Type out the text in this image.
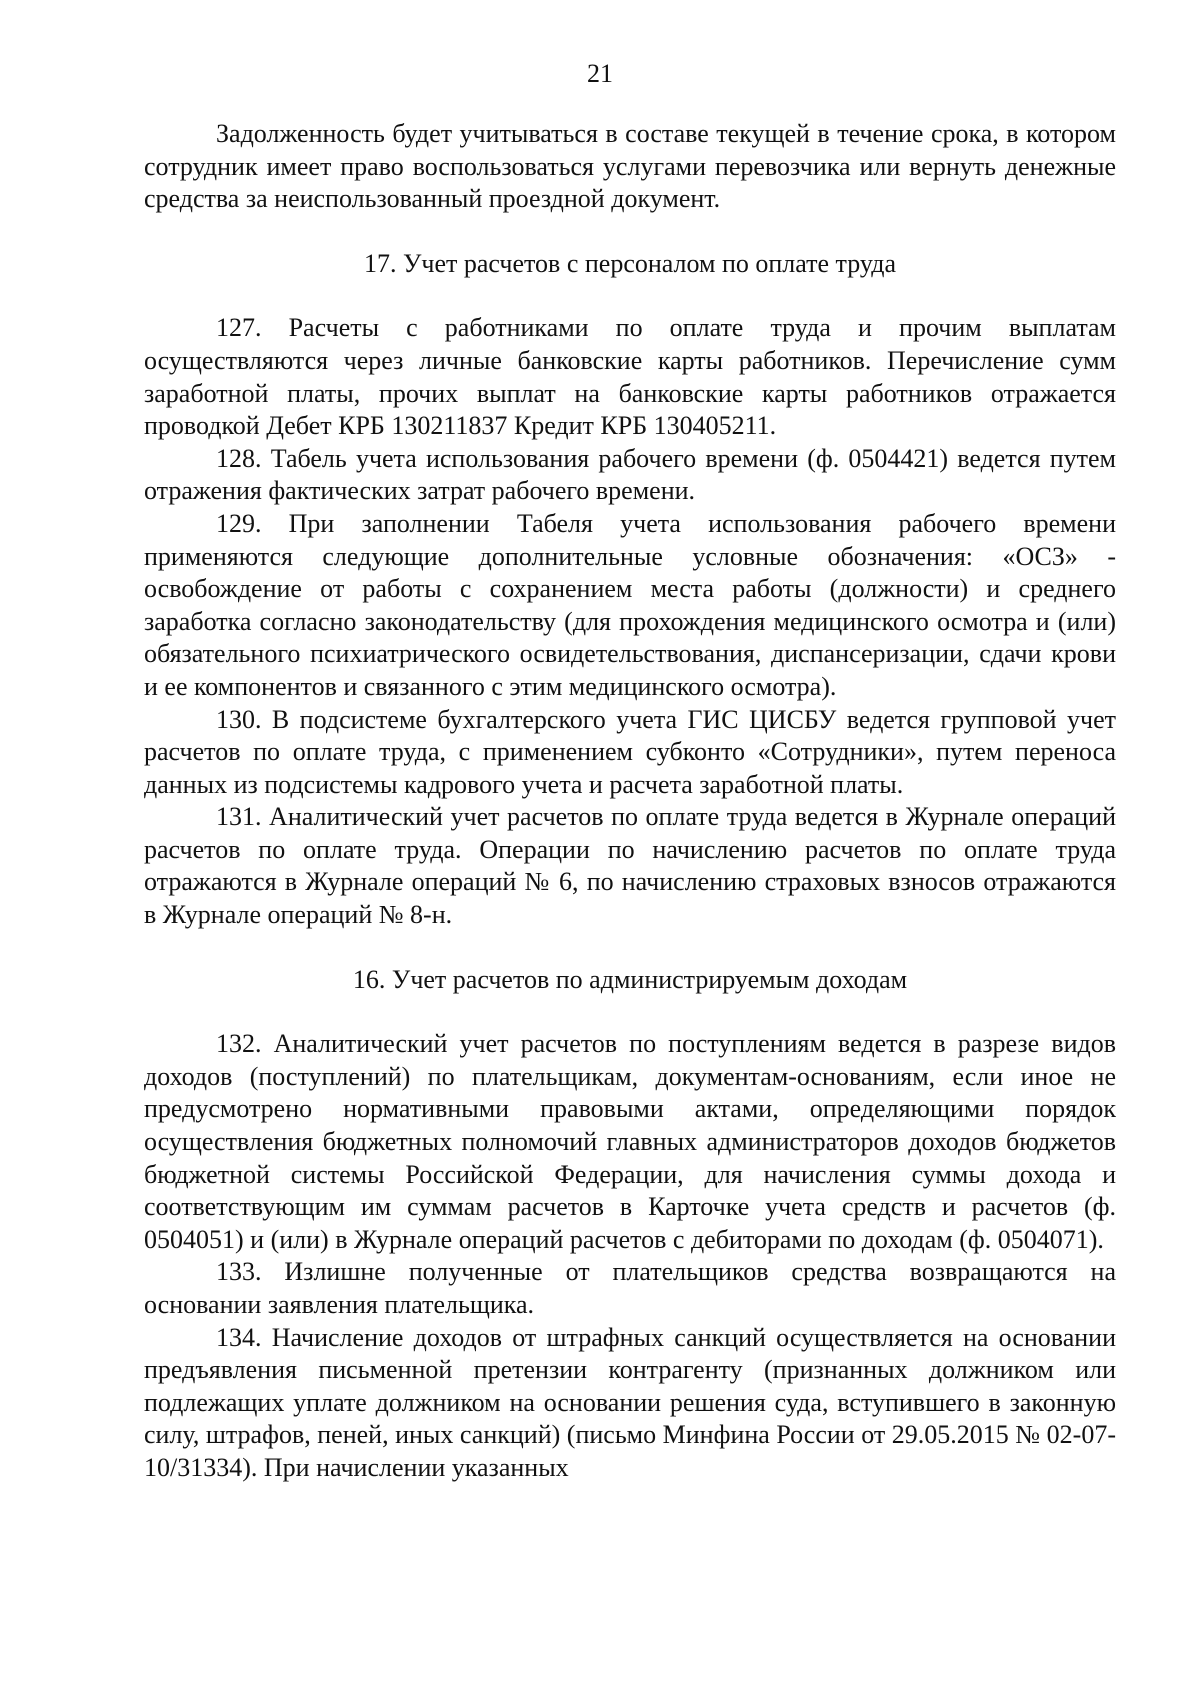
21

Задолженность будет учитываться в составе текущей в течение срока, в котором сотрудник имеет право воспользоваться услугами перевозчика или вернуть денежные средства за неиспользованный проездной документ.

17. Учет расчетов с персоналом по оплате труда

127. Расчеты с работниками по оплате труда и прочим выплатам осуществляются через личные банковские карты работников. Перечисление сумм заработной платы, прочих выплат на банковские карты работников отражается проводкой Дебет КРБ 130211837 Кредит КРБ 130405211.

128. Табель учета использования рабочего времени (ф. 0504421) ведется путем отражения фактических затрат рабочего времени.

129. При заполнении Табеля учета использования рабочего времени применяются следующие дополнительные условные обозначения: «ОСЗ» - освобождение от работы с сохранением места работы (должности) и среднего заработка согласно законодательству (для прохождения медицинского осмотра и (или) обязательного психиатрического освидетельствования, диспансеризации, сдачи крови и ее компонентов и связанного с этим медицинского осмотра).

130. В подсистеме бухгалтерского учета ГИС ЦИСБУ ведется групповой учет расчетов по оплате труда, с применением субконто «Сотрудники», путем переноса данных из подсистемы кадрового учета и расчета заработной платы.

131. Аналитический учет расчетов по оплате труда ведется в Журнале операций расчетов по оплате труда. Операции по начислению расчетов по оплате труда отражаются в Журнале операций № 6, по начислению страховых взносов отражаются в Журнале операций № 8-н.

16. Учет расчетов по администрируемым доходам

132. Аналитический учет расчетов по поступлениям ведется в разрезе видов доходов (поступлений) по плательщикам, документам-основаниям, если иное не предусмотрено нормативными правовыми актами, определяющими порядок осуществления бюджетных полномочий главных администраторов доходов бюджетов бюджетной системы Российской Федерации, для начисления суммы дохода и соответствующим им суммам расчетов в Карточке учета средств и расчетов (ф. 0504051) и (или) в Журнале операций расчетов с дебиторами по доходам (ф. 0504071).

133. Излишне полученные от плательщиков средства возвращаются на основании заявления плательщика.

134. Начисление доходов от штрафных санкций осуществляется на основании предъявления письменной претензии контрагенту (признанных должником или подлежащих уплате должником на основании решения суда, вступившего в законную силу, штрафов, пеней, иных санкций) (письмо Минфина России от 29.05.2015 № 02-07-10/31334). При начислении указанных
